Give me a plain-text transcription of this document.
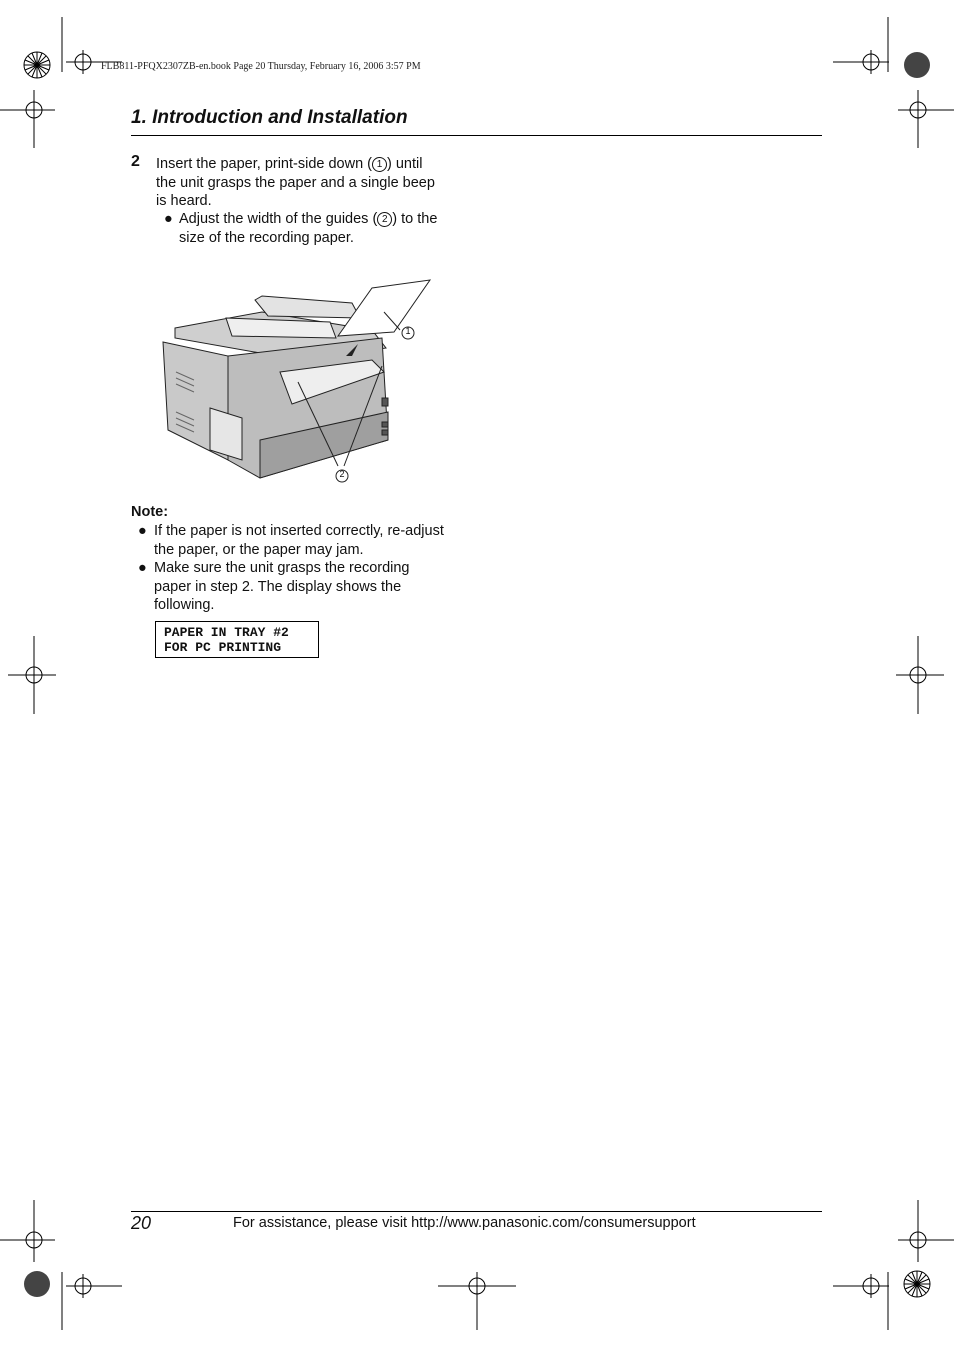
FLB811-PFQX2307ZB-en.book Page 20 Thursday, February 16, 2006 3:57 PM
1. Introduction and Installation
2 Insert the paper, print-side down ( 1 ) until
the unit grasps the paper and a single beep
is heard.
● Adjust the width of the guides ( 2 ) to the
size of the recording paper.
1
2
Note:
● If the paper is not inserted correctly, re-adjust
the paper, or the paper may jam.
● Make sure the unit grasps the recording
paper in step 2. The display shows the
following.
PAPER IN TRAY #2
FOR PC PRINTING
20	For assistance, please visit http://www.panasonic.com/consumersupport
